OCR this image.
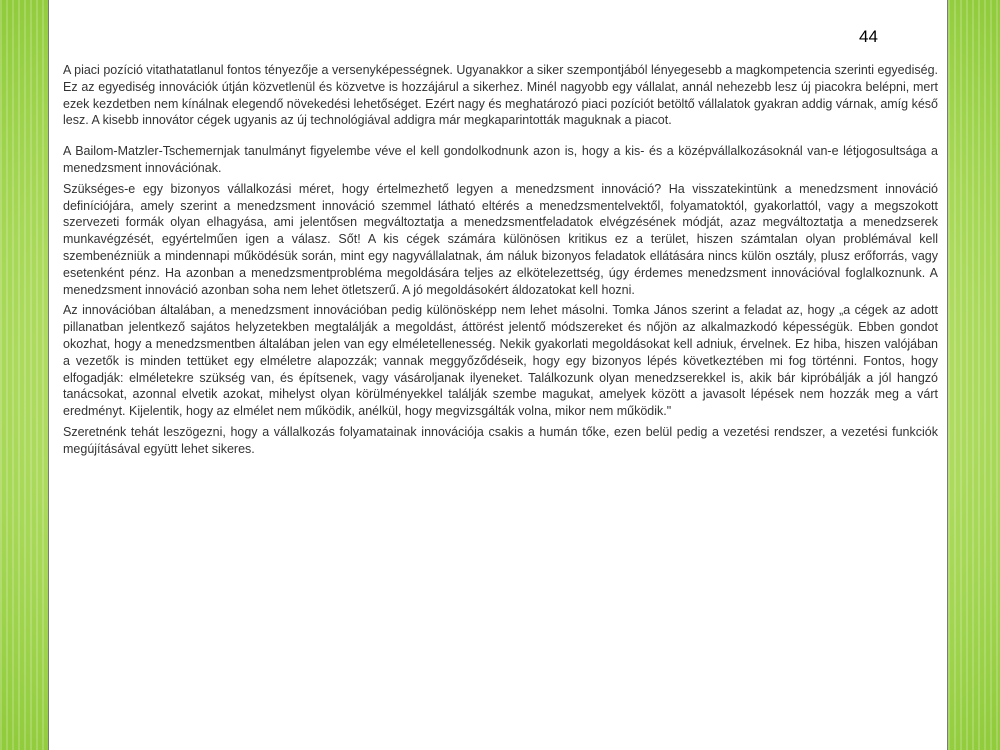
44

A piaci pozíció vitathatatlanul fontos tényezője a versenyképességnek. Ugyanakkor a siker szempontjából lényegesebb a magkompetencia szerinti egyediség. Ez az egyediség innovációk útján közvetlenül és közvetve is hozzájárul a sikerhez. Minél nagyobb egy vállalat, annál nehezebb lesz új piacokra belépni, mert ezek kezdetben nem kínálnak elegendő növekedési lehetőséget. Ezért nagy és meghatározó piaci pozíciót betöltő vállalatok gyakran addig várnak, amíg késő lesz. A kisebb innovátor cégek ugyanis az új technológiával addigra már megkaparintották maguknak a piacot.

A Bailom-Matzler-Tschemernjak tanulmányt figyelembe véve el kell gondolkodnunk azon is, hogy a kis- és a középvállalkozásoknál van-e létjogosultsága a menedzsment innovációnak.

Szükséges-e egy bizonyos vállalkozási méret, hogy értelmezhető legyen a menedzsment innováció? Ha visszatekintünk a menedzsment innováció definíciójára, amely szerint a menedzsment innováció szemmel látható eltérés a menedzsmentelvektől, folyamatoktól, gyakorlattól, vagy a megszokott szervezeti formák olyan elhagyása, ami jelentősen megváltoztatja a menedzsmentfeladatok elvégzésének módját, azaz megváltoztatja a menedzserek munkavégzését, egyértelműen igen a válasz. Sőt! A kis cégek számára különösen kritikus ez a terület, hiszen számtalan olyan problémával kell szembenézniük a mindennapi működésük során, mint egy nagyvállalatnak, ám náluk bizonyos feladatok ellátására nincs külön osztály, plusz erőforrás, vagy esetenként pénz. Ha azonban a menedzsmentprobléma megoldására teljes az elkötelezettség, úgy érdemes menedzsment innovációval foglalkoznunk. A menedzsment innováció azonban soha nem lehet ötletszerű. A jó megoldásokért áldozatokat kell hozni.

Az innovációban általában, a menedzsment innovációban pedig különösképp nem lehet másolni. Tomka János szerint a feladat az, hogy „a cégek az adott pillanatban jelentkező sajátos helyzetekben megtalálják a megoldást, áttörést jelentő módszereket és nőjön az alkalmazkodó képességük. Ebben gondot okozhat, hogy a menedzsmentben általában jelen van egy elméletellenesség. Nekik gyakorlati megoldásokat kell adniuk, érvelnek. Ez hiba, hiszen valójában a vezetők is minden tettüket egy elméletre alapozzák; vannak meggyőződéseik, hogy egy bizonyos lépés következtében mi fog történni. Fontos, hogy elfogadják: elméletekre szükség van, és építsenek, vagy vásároljanak ilyeneket. Találkozunk olyan menedzserekkel is, akik bár kipróbálják a jól hangzó tanácsokat, azonnal elvetik azokat, mihelyst olyan körülményekkel találják szembe magukat, amelyek között a javasolt lépések nem hozzák meg a várt eredményt. Kijelentik, hogy az elmélet nem működik, anélkül, hogy megvizsgálták volna, mikor nem működik."

Szeretnénk tehát leszögezni, hogy a vállalkozás folyamatainak innovációja csakis a humán tőke, ezen belül pedig a vezetési rendszer, a vezetési funkciók megújításával együtt lehet sikeres.
